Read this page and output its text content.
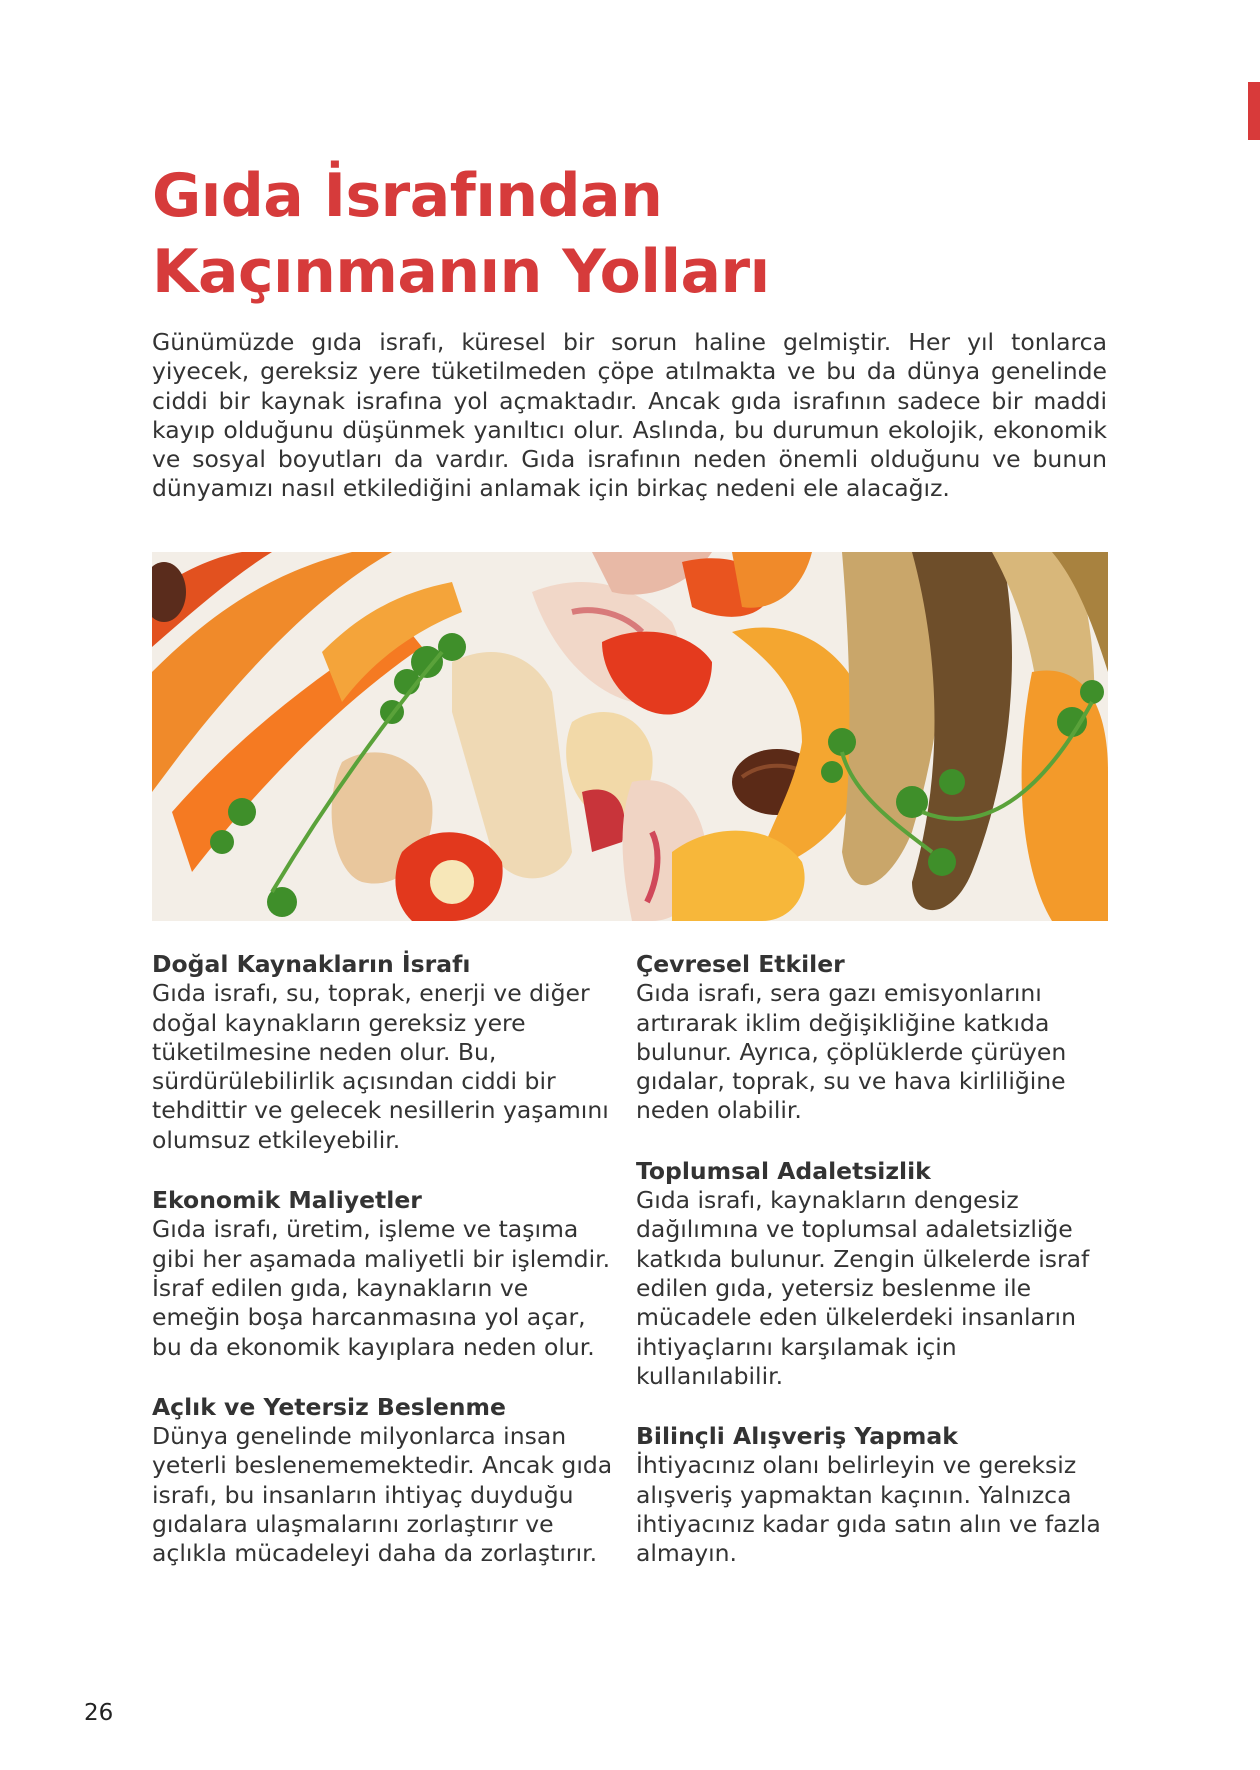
Gıda İsrafından
Kaçınmanın Yolları

Günümüzde gıda israfı, küresel bir sorun haline gelmiştir. Her yıl tonlarca yiyecek, gereksiz yere tüketilmeden çöpe atılmakta ve bu da dünya genelinde ciddi bir kaynak israfına yol açmaktadır. Ancak gıda israfının sadece bir maddi kayıp olduğunu düşünmek yanıltıcı olur. Aslında, bu durumun ekolojik, ekonomik ve sosyal boyutları da vardır. Gıda israfının neden önemli olduğunu ve bunun dünyamızı nasıl etkilediğini anlamak için birkaç nedeni ele alacağız.

Doğal Kaynakların İsrafı

Gıda israfı, su, toprak, enerji ve diğer doğal kaynakların gereksiz yere tüketilmesine neden olur. Bu, sürdürülebilirlik açısından ciddi bir tehdittir ve gelecek nesillerin yaşamını olumsuz etkileyebilir.

Ekonomik Maliyetler

Gıda israfı, üretim, işleme ve taşıma gibi her aşamada maliyetli bir işlemdir. İsraf edilen gıda, kaynakların ve emeğin boşa harcanmasına yol açar, bu da ekonomik kayıplara neden olur.

Açlık ve Yetersiz Beslenme

Dünya genelinde milyonlarca insan yeterli beslenememektedir. Ancak gıda israfı, bu insanların ihtiyaç duyduğu gıdalara ulaşmalarını zorlaştırır ve açlıkla mücadeleyi daha da zorlaştırır.

Çevresel Etkiler

Gıda israfı, sera gazı emisyonlarını artırarak iklim değişikliğine katkıda bulunur. Ayrıca, çöplüklerde çürüyen gıdalar, toprak, su ve hava kirliliğine neden olabilir.

Toplumsal Adaletsizlik

Gıda israfı, kaynakların dengesiz dağılımına ve toplumsal adaletsizliğe katkıda bulunur. Zengin ülkelerde israf edilen gıda, yetersiz beslenme ile mücadele eden ülkelerdeki insanların ihtiyaçlarını karşılamak için kullanılabilir.

Bilinçli Alışveriş Yapmak

İhtiyacınız olanı belirleyin ve gereksiz alışveriş yapmaktan kaçının. Yalnızca ihtiyacınız kadar gıda satın alın ve fazla almayın.

26
